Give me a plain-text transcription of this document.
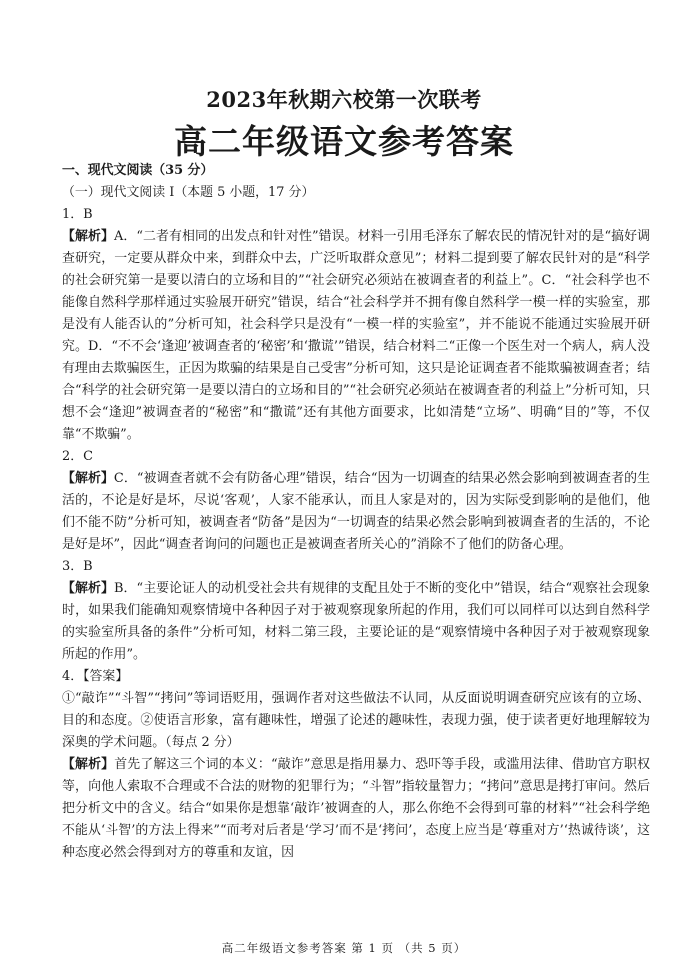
2023年秋期六校第一次联考
高二年级语文参考答案

一、现代文阅读（35 分）

（一）现代文阅读 I（本题 5 小题，17 分）

1．B

【解析】A．“二者有相同的出发点和针对性”错误。材料一引用毛泽东了解农民的情况针对的是“搞好调查研究，一定要从群众中来，到群众中去，广泛听取群众意见”；材料二提到要了解农民针对的是“科学的社会研究第一是要以清白的立场和目的”“社会研究必须站在被调查者的利益上”。C．“社会科学也不能像自然科学那样通过实验展开研究”错误，结合“社会科学并不拥有像自然科学一模一样的实验室，那是没有人能否认的”分析可知，社会科学只是没有“一模一样的实验室”，并不能说不能通过实验展开研究。D．“不不会‘逢迎’被调查者的‘秘密’和‘撒谎’”错误，结合材料二“正像一个医生对一个病人，病人没有理由去欺骗医生，正因为欺骗的结果是自己受害”分析可知，这只是论证调查者不能欺骗被调查者；结合“科学的社会研究第一是要以清白的立场和目的”“社会研究必须站在被调查者的利益上”分析可知，只想不会“逢迎”被调查者的“秘密”和“撒谎”还有其他方面要求，比如清楚“立场”、明确“目的”等，不仅靠“不欺骗”。

2．C

【解析】C．“被调查者就不会有防备心理”错误，结合“因为一切调查的结果必然会影响到被调查者的生活的，不论是好是坏，尽说‘客观’，人家不能承认，而且人家是对的，因为实际受到影响的是他们，他们不能不防”分析可知，被调查者“防备”是因为“一切调查的结果必然会影响到被调查者的生活的，不论是好是坏”，因此“调查者询问的问题也正是被调查者所关心的”消除不了他们的防备心理。

3．B

【解析】B．“主要论证人的动机受社会共有规律的支配且处于不断的变化中”错误，结合“观察社会现象时，如果我们能确知观察情境中各种因子对于被观察现象所起的作用，我们可以同样可以达到自然科学的实验室所具备的条件”分析可知，材料二第三段，主要论证的是“观察情境中各种因子对于被观察现象所起的作用”。

4．【答案】

①“敲诈”“斗智”“拷问”等词语贬用，强调作者对这些做法不认同，从反面说明调查研究应该有的立场、目的和态度。②使语言形象，富有趣味性，增强了论述的趣味性，表现力强，使于读者更好地理解较为深奥的学术问题。（每点 2 分）

【解析】首先了解这三个词的本义：“敲诈”意思是指用暴力、恐吓等手段，或滥用法律、借助官方职权等，向他人索取不合理或不合法的财物的犯罪行为；“斗智”指较量智力；“拷问”意思是拷打审问。然后把分析文中的含义。结合“如果你是想靠‘敲诈’被调查的人，那么你绝不会得到可靠的材料”“社会科学绝不能从‘斗智’的方法上得来”“而考对后者是‘学习’而不是‘拷问’，态度上应当是‘尊重对方’‘热诚待谈’，这种态度必然会得到对方的尊重和友谊，因

高二年级语文参考答案 第 1 页 （共 5 页）
